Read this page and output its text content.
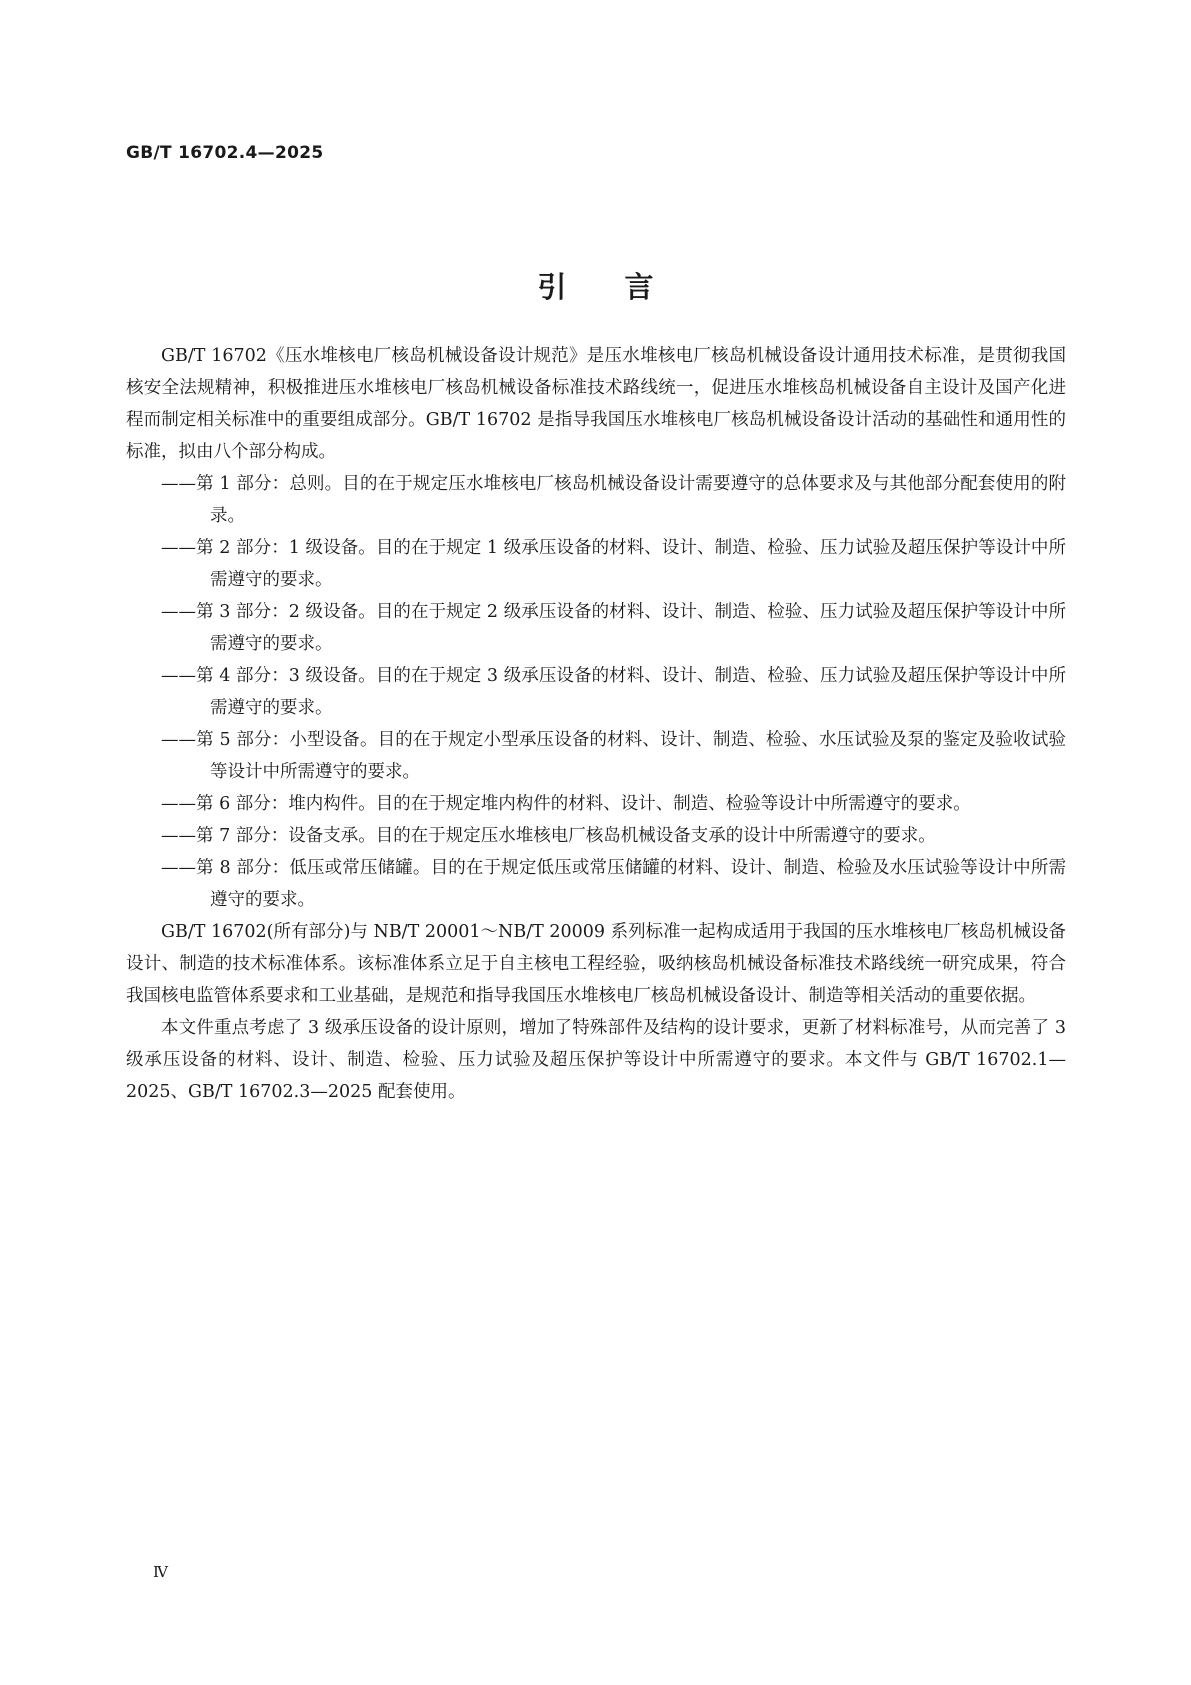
GB/T 16702.4—2025
引言

GB/T 16702《压水堆核电厂核岛机械设备设计规范》是压水堆核电厂核岛机械设备设计通用技术标准，是贯彻我国核安全法规精神，积极推进压水堆核电厂核岛机械设备标准技术路线统一，促进压水堆核岛机械设备自主设计及国产化进程而制定相关标准中的重要组成部分。GB/T 16702 是指导我国压水堆核电厂核岛机械设备设计活动的基础性和通用性的标准，拟由八个部分构成。

——第 1 部分：总则。目的在于规定压水堆核电厂核岛机械设备设计需要遵守的总体要求及与其他部分配套使用的附录。
——第 2 部分：1 级设备。目的在于规定 1 级承压设备的材料、设计、制造、检验、压力试验及超压保护等设计中所需遵守的要求。
——第 3 部分：2 级设备。目的在于规定 2 级承压设备的材料、设计、制造、检验、压力试验及超压保护等设计中所需遵守的要求。
——第 4 部分：3 级设备。目的在于规定 3 级承压设备的材料、设计、制造、检验、压力试验及超压保护等设计中所需遵守的要求。
——第 5 部分：小型设备。目的在于规定小型承压设备的材料、设计、制造、检验、水压试验及泵的鉴定及验收试验等设计中所需遵守的要求。
——第 6 部分：堆内构件。目的在于规定堆内构件的材料、设计、制造、检验等设计中所需遵守的要求。
——第 7 部分：设备支承。目的在于规定压水堆核电厂核岛机械设备支承的设计中所需遵守的要求。
——第 8 部分：低压或常压储罐。目的在于规定低压或常压储罐的材料、设计、制造、检验及水压试验等设计中所需遵守的要求。

GB/T 16702(所有部分)与 NB/T 20001～NB/T 20009 系列标准一起构成适用于我国的压水堆核电厂核岛机械设备设计、制造的技术标准体系。该标准体系立足于自主核电工程经验，吸纳核岛机械设备标准技术路线统一研究成果，符合我国核电监管体系要求和工业基础，是规范和指导我国压水堆核电厂核岛机械设备设计、制造等相关活动的重要依据。

本文件重点考虑了 3 级承压设备的设计原则，增加了特殊部件及结构的设计要求，更新了材料标准号，从而完善了 3 级承压设备的材料、设计、制造、检验、压力试验及超压保护等设计中所需遵守的要求。本文件与 GB/T 16702.1—2025、GB/T 16702.3—2025 配套使用。

Ⅳ
